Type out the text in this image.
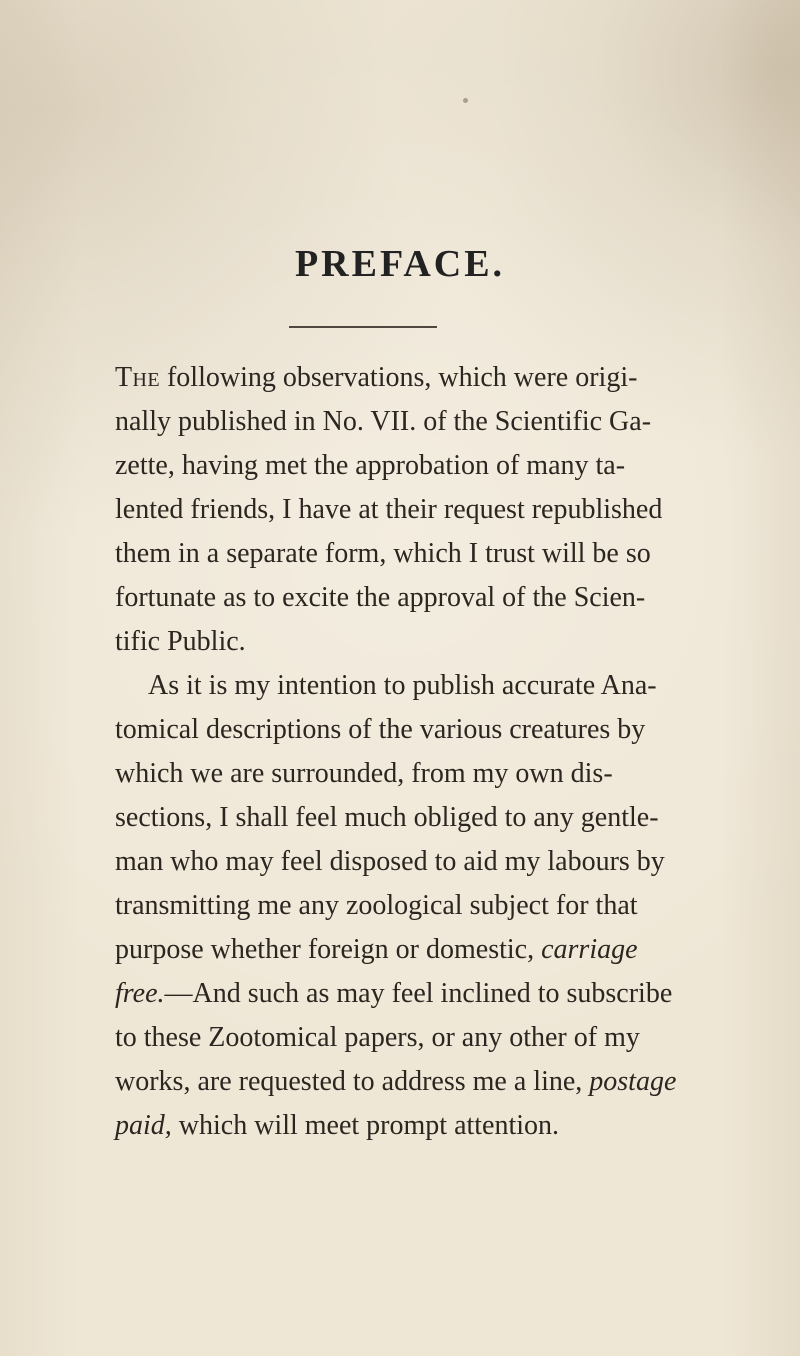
PREFACE.
The following observations, which were origi-
nally published in No. VII. of the Scientific Ga-
zette, having met the approbation of many ta-
lented friends, I have at their request republished
them in a separate form, which I trust will be so
fortunate as to excite the approval of the Scien-
tific Public.
As it is my intention to publish accurate Ana-
tomical descriptions of the various creatures by
which we are surrounded, from my own dis-
sections, I shall feel much obliged to any gentle-
man who may feel disposed to aid my labours by
transmitting me any zoological subject for that
purpose whether foreign or domestic, carriage
free.—And such as may feel inclined to subscribe
to these Zootomical papers, or any other of my
works, are requested to address me a line, postage
paid, which will meet prompt attention.
